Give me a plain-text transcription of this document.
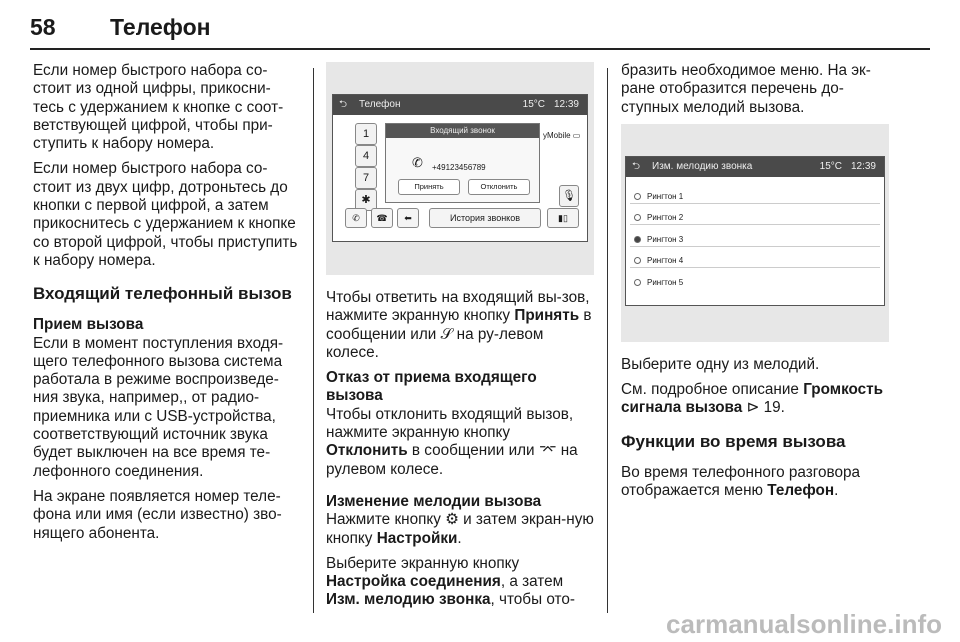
58 Телефон

Если номер быстрого набора со-стоит из одной цифры, прикосни-тесь с удержанием к кнопке с соот-ветствующей цифрой, чтобы при-ступить к набору номера.

Если номер быстрого набора со-стоит из двух цифр, дотроньтесь до кнопки с первой цифрой, а затем прикоснитесь с удержанием к кнопке со второй цифрой, чтобы приступить к набору номера.

Входящий телефонный вызов
Прием вызова

Если в момент поступления входя-щего телефонного вызова система работала в режиме воспроизведе-ния звука, например,, от радио-приемника или с USB-устройства, соответствующий источник звука будет выключен на все время те-лефонного соединения.

На экране появляется номер теле-фона или имя (если известно) зво-нящего абонента.

⮌ Телефон	15°C 12:39
1
4
7
✱
yMobile ▭
🎙
Входящий звонок
✆ +49123456789
Принять	Отклонить
✆	☎	⬅	История звонков	▮▯

Чтобы ответить на входящий вы-зов, нажмите экранную кнопку Принять в сообщении или 𝒮 на ру-левом колесе.

Отказ от приема входящего вызова

Чтобы отклонить входящий вызов, нажмите экранную кнопку Отклонить в сообщении или ⌤ на рулевом колесе.

Изменение мелодии вызова

Нажмите кнопку ⚙ и затем экран-ную кнопку Настройки.

Выберите экранную кнопку Настройка соединения, а затем Изм. мелодию звонка, чтобы ото-

бразить необходимое меню. На эк-ране отобразится перечень до-ступных мелодий вызова.

⮌ Изм. мелодию звонка	15°C 12:39
Рингтон 1
Рингтон 2
Рингтон 3
Рингтон 4
Рингтон 5

Выберите одну из мелодий.

См. подробное описание Громкость сигнала вызова ⊳ 19.

Функции во время вызова

Во время телефонного разговора отображается меню Телефон.

carmanualsonline.info
